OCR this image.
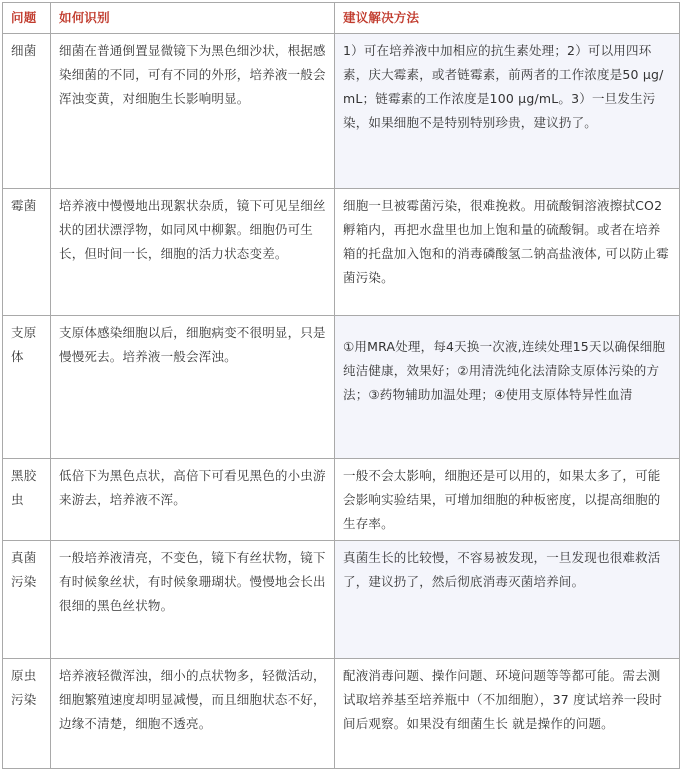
问题	如何识别	建议解决方法
细菌	细菌在普通倒置显微镜下为黑色细沙状，根据感染细菌的不同，可有不同的外形，培养液一般会浑浊变黄，对细胞生长影响明显。	1）可在培养液中加相应的抗生素处理；2）可以用四环素，庆大霉素，或者链霉素，前两者的工作浓度是50 μg/mL；链霉素的工作浓度是100 μg/mL。3）一旦发生污染，如果细胞不是特别特别珍贵，建议扔了。
霉菌	培养液中慢慢地出现絮状杂质，镜下可见呈细丝状的团状漂浮物，如同风中柳絮。细胞仍可生长，但时间一长，细胞的活力状态变差。	细胞一旦被霉菌污染，很难挽救。用硫酸铜溶液擦拭CO2 孵箱内，再把水盘里也加上饱和量的硫酸铜。或者在培养箱的托盘加入饱和的消毒磷酸氢二钠高盐液体, 可以防止霉菌污染。
支原体	支原体感染细胞以后，细胞病变不很明显，只是慢慢死去。培养液一般会浑浊。	①用MRA处理，每4天换一次液,连续处理15天以确保细胞纯洁健康，效果好；②用清洗纯化法清除支原体污染的方法；③药物辅助加温处理；④使用支原体特异性血清

黑胶虫	低倍下为黑色点状，高倍下可看见黑色的小虫游来游去，培养液不浑。	一般不会太影响，细胞还是可以用的，如果太多了，可能会影响实验结果，可增加细胞的种板密度，以提高细胞的生存率。
真菌污染	一般培养液清亮，不变色，镜下有丝状物，镜下有时候象丝状，有时候象珊瑚状。慢慢地会长出很细的黑色丝状物。	真菌生长的比较慢，不容易被发现，一旦发现也很难救活了，建议扔了，然后彻底消毒灭菌培养间。
原虫污染	培养液轻微浑浊，细小的点状物多，轻微活动，细胞繁殖速度却明显减慢，而且细胞状态不好，边缘不清楚，细胞不透亮。	配液消毒问题、操作问题、环境问题等等都可能。需去测试取培养基至培养瓶中（不加细胞），37 度试培养一段时间后观察。如果没有细菌生长 就是操作的问题。
